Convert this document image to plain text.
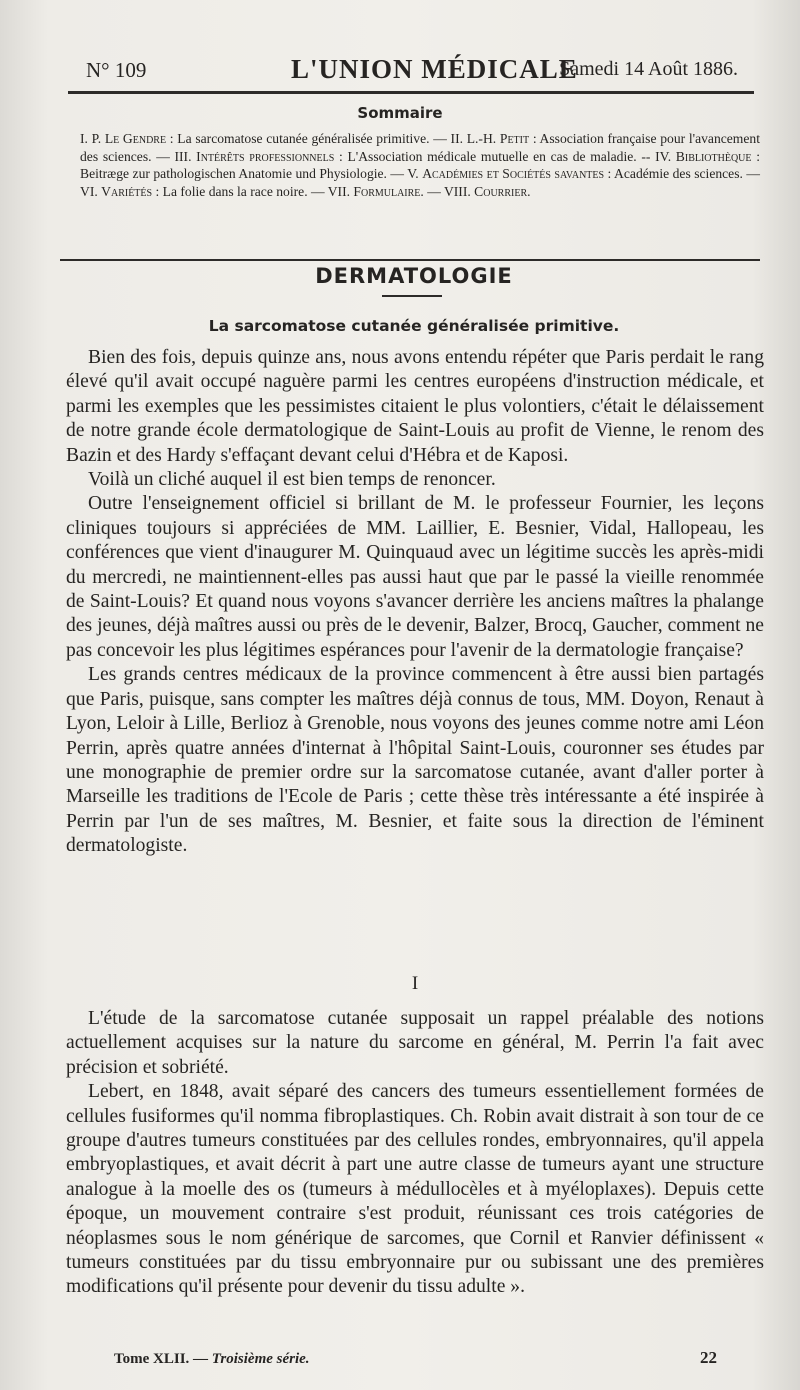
N° 109	L'UNION MÉDICALE
Samedi 14 Août 1886.
Sommaire
I. P. Le Gendre : La sarcomatose cutanée généralisée primitive. — II. L.-H. Petit : Association française pour l'avancement des sciences. — III. Intérêts professionnels : L'Association médicale mutuelle en cas de maladie. -- IV. Bibliothèque : Beitræge zur pathologischen Anatomie und Physiologie. — V. Académies et Sociétés savantes : Académie des sciences. — VI. Variétés : La folie dans la race noire. — VII. Formulaire. — VIII. Courrier.
DERMATOLOGIE
La sarcomatose cutanée généralisée primitive.

Bien des fois, depuis quinze ans, nous avons entendu répéter que Paris perdait le rang élevé qu'il avait occupé naguère parmi les centres européens d'instruction médicale, et parmi les exemples que les pessimistes citaient le plus volontiers, c'était le délaissement de notre grande école dermatologique de Saint-Louis au profit de Vienne, le renom des Bazin et des Hardy s'effaçant devant celui d'Hébra et de Kaposi.

Voilà un cliché auquel il est bien temps de renoncer.

Outre l'enseignement officiel si brillant de M. le professeur Fournier, les leçons cliniques toujours si appréciées de MM. Laillier, E. Besnier, Vidal, Hallopeau, les conférences que vient d'inaugurer M. Quinquaud avec un légitime succès les après-midi du mercredi, ne maintiennent-elles pas aussi haut que par le passé la vieille renommée de Saint-Louis? Et quand nous voyons s'avancer derrière les anciens maîtres la phalange des jeunes, déjà maîtres aussi ou près de le devenir, Balzer, Brocq, Gaucher, comment ne pas concevoir les plus légitimes espérances pour l'avenir de la dermatologie française?

Les grands centres médicaux de la province commencent à être aussi bien partagés que Paris, puisque, sans compter les maîtres déjà connus de tous, MM. Doyon, Renaut à Lyon, Leloir à Lille, Berlioz à Grenoble, nous voyons des jeunes comme notre ami Léon Perrin, après quatre années d'internat à l'hôpital Saint-Louis, couronner ses études par une monographie de premier ordre sur la sarcomatose cutanée, avant d'aller porter à Marseille les traditions de l'Ecole de Paris ; cette thèse très intéressante a été inspirée à Perrin par l'un de ses maîtres, M. Besnier, et faite sous la direction de l'éminent dermatologiste.

I

L'étude de la sarcomatose cutanée supposait un rappel préalable des notions actuellement acquises sur la nature du sarcome en général, M. Perrin l'a fait avec précision et sobriété.

Lebert, en 1848, avait séparé des cancers des tumeurs essentiellement formées de cellules fusiformes qu'il nomma fibroplastiques. Ch. Robin avait distrait à son tour de ce groupe d'autres tumeurs constituées par des cellules rondes, embryonnaires, qu'il appela embryoplastiques, et avait décrit à part une autre classe de tumeurs ayant une structure analogue à la moelle des os (tumeurs à médullocèles et à myéloplaxes). Depuis cette époque, un mouvement contraire s'est produit, réunissant ces trois catégories de néoplasmes sous le nom générique de sarcomes, que Cornil et Ranvier définissent « tumeurs constituées par du tissu embryonnaire pur ou subissant une des premières modifications qu'il présente pour devenir du tissu adulte ».

Tome XLII. — Troisième série.	22
